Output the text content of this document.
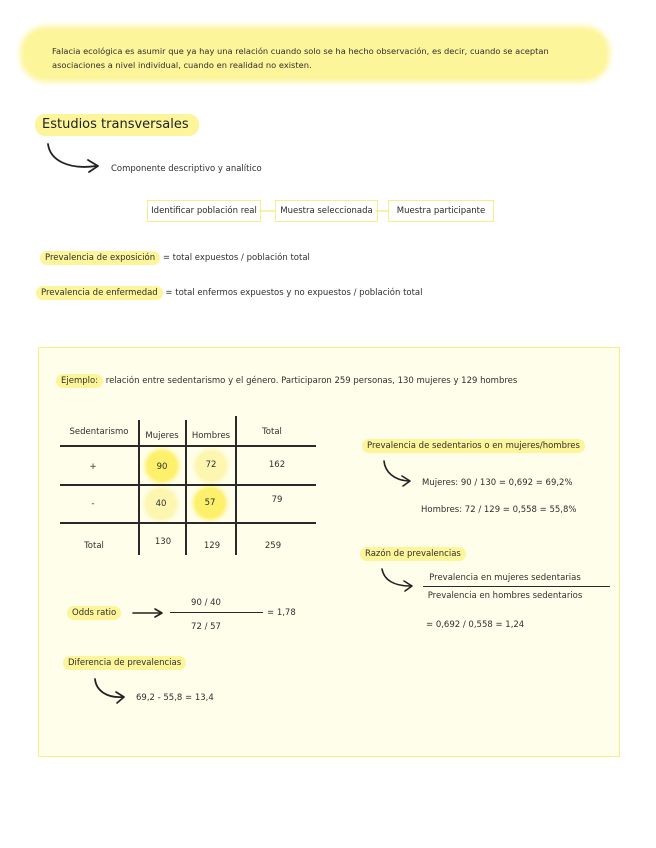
Falacia ecológica es asumir que ya hay una relación cuando solo se ha hecho observación, es decir, cuando se aceptan asociaciones a nivel individual, cuando en realidad no existen.
Estudios transversales
Componente descriptivo y analítico
Identificar población real	Muestra seleccionada	Muestra participante
Prevalencia de exposición = total expuestos / población total
Prevalencia de enfermedad = total enfermos expuestos y no expuestos / población total
Ejemplo: relación entre sedentarismo y el género. Participaron 259 personas, 130 mujeres y 129 hombres
Sedentarismo	Mujeres	Hombres	Total
+	90	72	162
-	40	57	79
Total	130	129	259
Prevalencia de sedentarios o en mujeres/hombres
Mujeres: 90 / 130 = 0,692 = 69,2%
Hombres: 72 / 129 = 0,558 = 55,8%
Razón de prevalencias
Prevalencia en mujeres sedentarias
Prevalencia en hombres sedentarios
= 0,692 / 0,558 = 1,24
Odds ratio
90 / 40
72 / 57
= 1,78
Diferencia de prevalencias
69,2 - 55,8 = 13,4
